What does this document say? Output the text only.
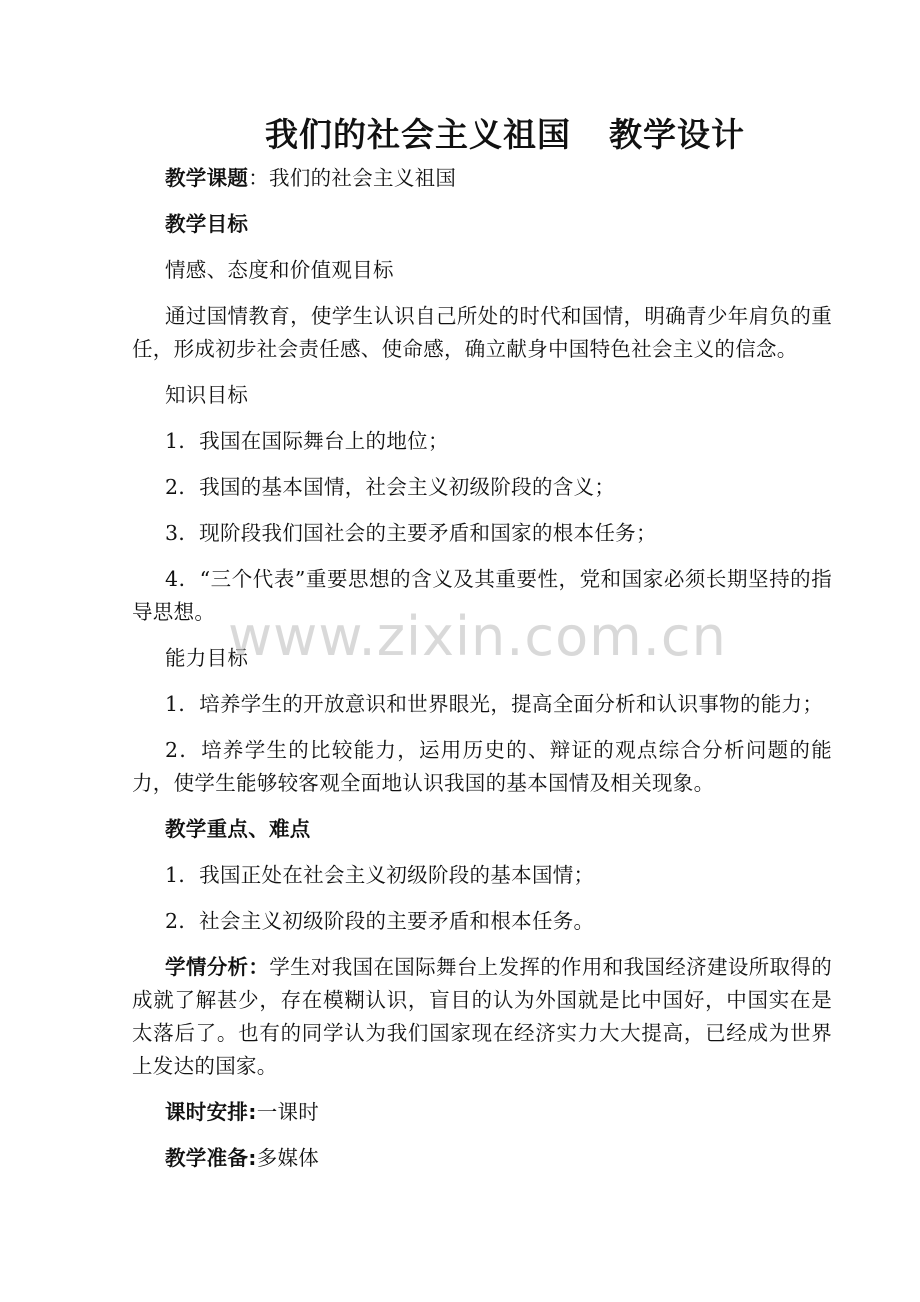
我们的社会主义祖国 教学设计

教学课题：我们的社会主义祖国

教学目标

情感、态度和价值观目标

通过国情教育，使学生认识自己所处的时代和国情，明确青少年肩负的重任，形成初步社会责任感、使命感，确立献身中国特色社会主义的信念。

知识目标

1．我国在国际舞台上的地位；

2．我国的基本国情，社会主义初级阶段的含义；

3．现阶段我们国社会的主要矛盾和国家的根本任务；

4．“三个代表”重要思想的含义及其重要性，党和国家必须长期坚持的指导思想。

能力目标

1．培养学生的开放意识和世界眼光，提高全面分析和认识事物的能力；

2．培养学生的比较能力，运用历史的、辩证的观点综合分析问题的能力，使学生能够较客观全面地认识我国的基本国情及相关现象。

教学重点、难点

1．我国正处在社会主义初级阶段的基本国情；

2．社会主义初级阶段的主要矛盾和根本任务。

学情分析：学生对我国在国际舞台上发挥的作用和我国经济建设所取得的成就了解甚少，存在模糊认识，盲目的认为外国就是比中国好，中国实在是太落后了。也有的同学认为我们国家现在经济实力大大提高，已经成为世界上发达的国家。

课时安排:一课时

教学准备:多媒体

www.zixin.com.cn
